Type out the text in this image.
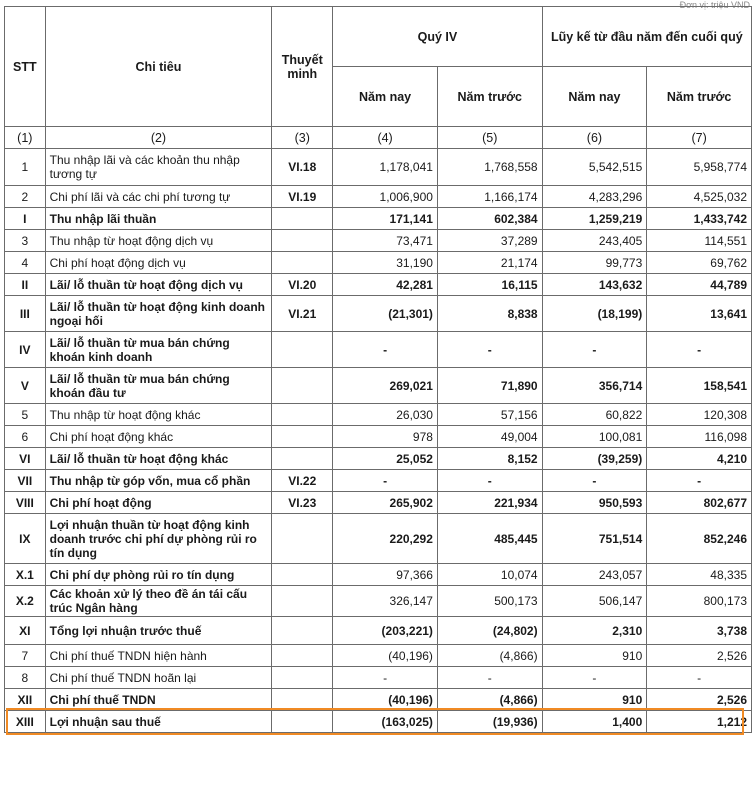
Đơn vị: triệu VND
STT	Chi tiêu	Thuyết minh	Quý IV		Lũy kế từ đầu năm đến cuối quý	
			Năm nay	Năm trước	Năm nay	Năm trước
(1)	(2)	(3)	(4)	(5)	(6)	(7)
1	Thu nhập lãi và các khoản thu nhập tương tự	VI.18	1,178,041	1,768,558	5,542,515	5,958,774
2	Chi phí lãi và các chi phí tương tự	VI.19	1,006,900	1,166,174	4,283,296	4,525,032
I	Thu nhập lãi thuần		171,141	602,384	1,259,219	1,433,742
3	Thu nhập từ hoạt động dịch vụ		73,471	37,289	243,405	114,551
4	Chi phí hoạt động dịch vụ		31,190	21,174	99,773	69,762
II	Lãi/ lỗ thuần từ hoạt động dịch vụ	VI.20	42,281	16,115	143,632	44,789
III	Lãi/ lỗ thuần từ hoạt động kinh doanh ngoại hối	VI.21	(21,301)	8,838	(18,199)	13,641
IV	Lãi/ lỗ thuần từ mua bán chứng khoán kinh doanh		-	-	-	-
V	Lãi/ lỗ thuần từ mua bán chứng khoán đầu tư		269,021	71,890	356,714	158,541
5	Thu nhập từ hoạt động khác		26,030	57,156	60,822	120,308
6	Chi phí hoạt động khác		978	49,004	100,081	116,098
VI	Lãi/ lỗ thuần từ hoạt động khác		25,052	8,152	(39,259)	4,210
VII	Thu nhập từ góp vốn, mua cổ phần	VI.22	-	-	-	-
VIII	Chi phí hoạt động	VI.23	265,902	221,934	950,593	802,677
IX	Lợi nhuận thuần từ hoạt động kinh doanh trước chi phí dự phòng rủi ro tín dụng		220,292	485,445	751,514	852,246
X.1	Chi phí dự phòng rủi ro tín dụng		97,366	10,074	243,057	48,335
X.2	Các khoản xử lý theo đề án tái cấu trúc Ngân hàng		326,147	500,173	506,147	800,173
XI	Tổng lợi nhuận trước thuế		(203,221)	(24,802)	2,310	3,738
7	Chi phí thuế TNDN hiện hành		(40,196)	(4,866)	910	2,526
8	Chi phí thuế TNDN hoãn lại		-	-	-	-
XII	Chi phí thuế TNDN		(40,196)	(4,866)	910	2,526
XIII	Lợi nhuận sau thuế		(163,025)	(19,936)	1,400	1,212
